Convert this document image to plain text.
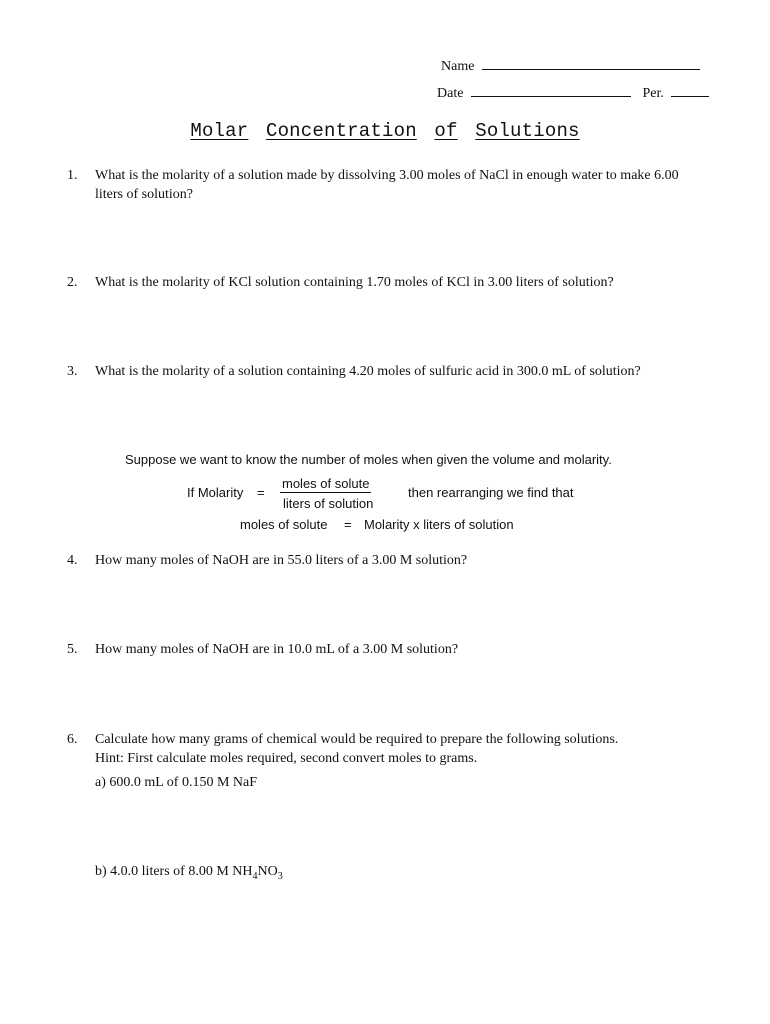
Name
Date	Per.
Molar Concentration of Solutions
1. What is the molarity of a solution made by dissolving 3.00 moles of NaCl in enough water to make 6.00 liters of solution?
2. What is the molarity of KCl solution containing 1.70 moles of KCl in 3.00 liters of solution?
3. What is the molarity of a solution containing 4.20 moles of sulfuric acid in 300.0 mL of solution?
Suppose we want to know the number of moles when given the volume and molarity.
If Molarity =
moles of solute
liters of solution
then rearranging we find that
moles of solute = Molarity x liters of solution
4. How many moles of NaOH are in 55.0 liters of a 3.00 M solution?
5. How many moles of NaOH are in 10.0 mL of a 3.00 M solution?
6. Calculate how many grams of chemical would be required to prepare the following solutions.
Hint: First calculate moles required, second convert moles to grams.
a) 600.0 mL of 0.150 M NaF
b) 4.0.0 liters of 8.00 M $NH_4NO_3$
